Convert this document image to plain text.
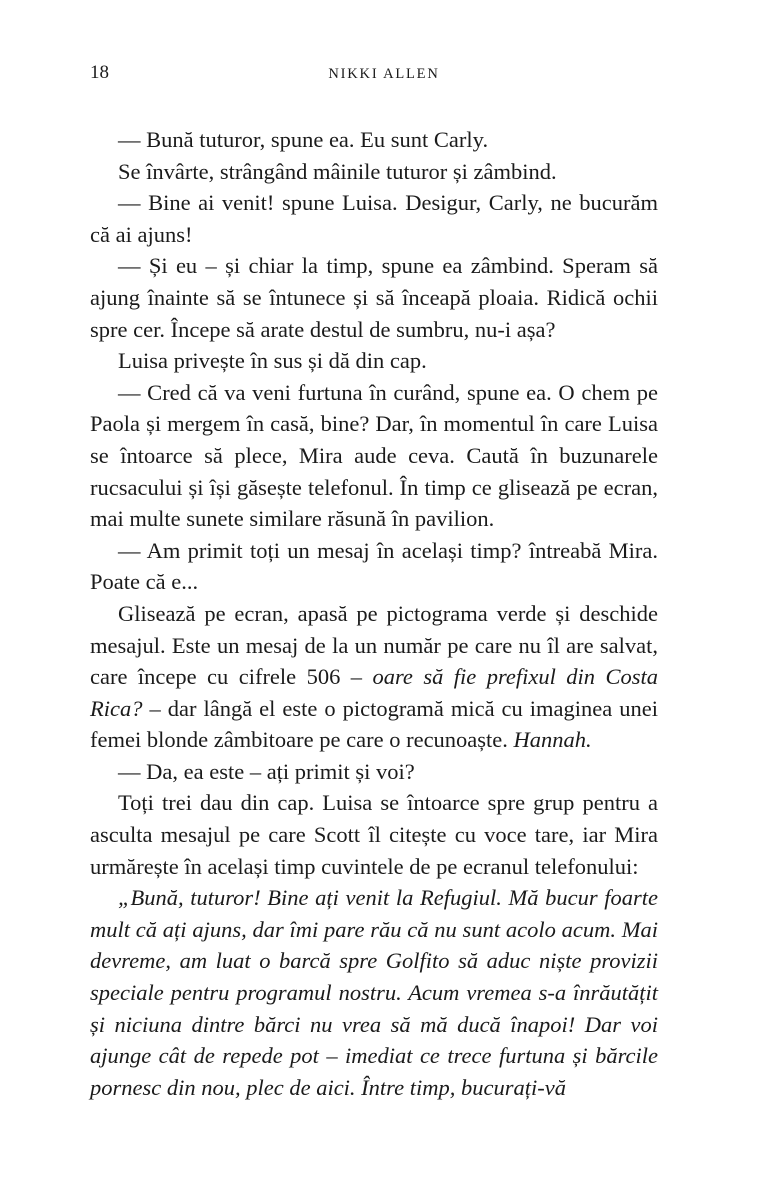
18	NIKKI ALLEN

— Bună tuturor, spune ea. Eu sunt Carly.

Se învârte, strângând mâinile tuturor și zâmbind.

— Bine ai venit! spune Luisa. Desigur, Carly, ne bucurăm că ai ajuns!

— Și eu – și chiar la timp, spune ea zâmbind. Speram să ajung înainte să se întunece și să înceapă ploaia. Ridică ochii spre cer. Începe să arate destul de sumbru, nu-i așa?

Luisa privește în sus și dă din cap.

— Cred că va veni furtuna în curând, spune ea. O chem pe Paola și mergem în casă, bine? Dar, în momentul în care Luisa se întoarce să plece, Mira aude ceva. Caută în buzunarele rucsacului și își găsește telefonul. În timp ce glisează pe ecran, mai multe sunete similare răsună în pavilion.

— Am primit toți un mesaj în același timp? întreabă Mira. Poate că e...

Glisează pe ecran, apasă pe pictograma verde și deschide mesajul. Este un mesaj de la un număr pe care nu îl are salvat, care începe cu cifrele 506 – oare să fie prefixul din Costa Rica? – dar lângă el este o pictogramă mică cu imaginea unei femei blonde zâmbitoare pe care o recunoaște. Hannah.

— Da, ea este – ați primit și voi?

Toți trei dau din cap. Luisa se întoarce spre grup pentru a asculta mesajul pe care Scott îl citește cu voce tare, iar Mira urmărește în același timp cuvintele de pe ecranul telefonului:

„Bună, tuturor! Bine ați venit la Refugiul. Mă bucur foarte mult că ați ajuns, dar îmi pare rău că nu sunt acolo acum. Mai devreme, am luat o barcă spre Golfito să aduc niște provizii speciale pentru programul nostru. Acum vremea s-a înrăutățit și niciuna dintre bărci nu vrea să mă ducă înapoi! Dar voi ajunge cât de repede pot – imediat ce trece furtuna și bărcile pornesc din nou, plec de aici. Între timp, bucurați-vă
